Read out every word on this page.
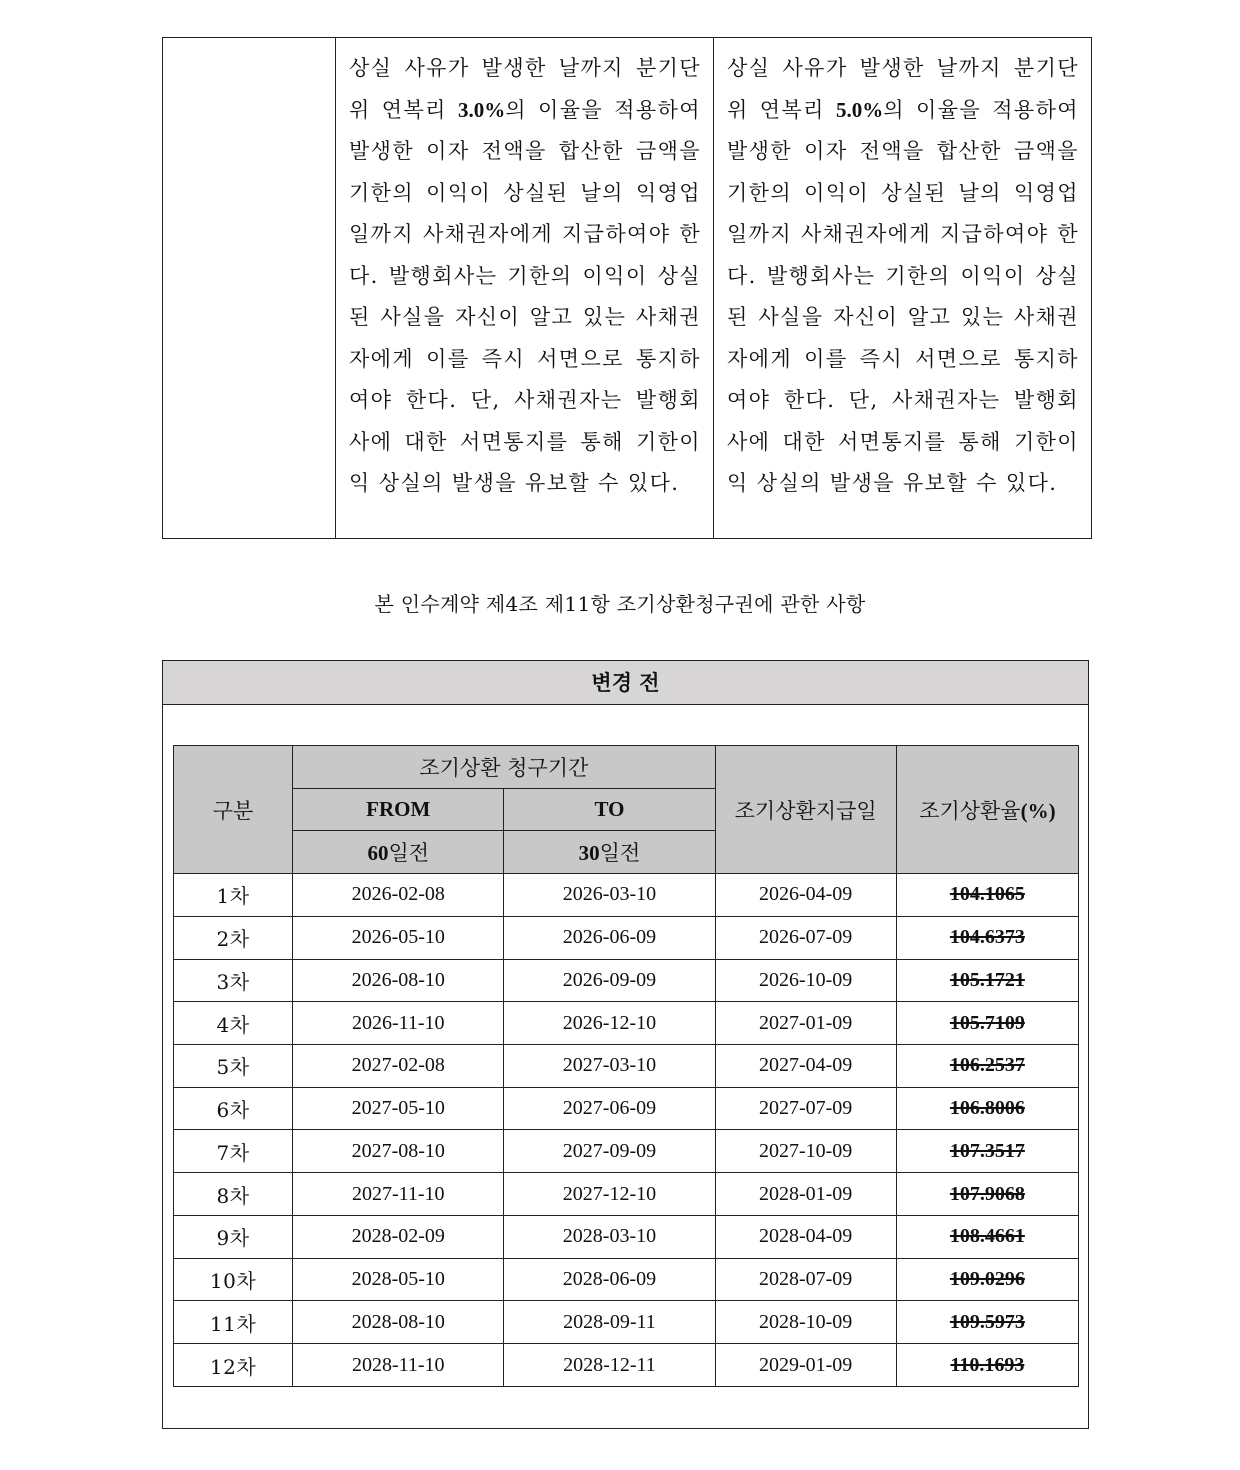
상실 사유가 발생한 날까지 분기단위 연복리 3.0%의 이율을 적용하여 발생한 이자 전액을 합산한 금액을 기한의 이익이 상실된 날의 익영업일까지 사채권자에게 지급하여야 한다. 발행회사는 기한의 이익이 상실된 사실을 자신이 알고 있는 사채권자에게 이를 즉시 서면으로 통지하여야 한다. 단, 사채권자는 발행회사에 대한 서면통지를 통해 기한이익 상실의 발생을 유보할 수 있다.

상실 사유가 발생한 날까지 분기단위 연복리 5.0%의 이율을 적용하여 발생한 이자 전액을 합산한 금액을 기한의 이익이 상실된 날의 익영업일까지 사채권자에게 지급하여야 한다. 발행회사는 기한의 이익이 상실된 사실을 자신이 알고 있는 사채권자에게 이를 즉시 서면으로 통지하여야 한다. 단, 사채권자는 발행회사에 대한 서면통지를 통해 기한이익 상실의 발생을 유보할 수 있다.

본 인수계약 제4조 제11항 조기상환청구권에 관한 사항
변경 전
구분	조기상환 청구기간		조기상환지급일	조기상환율(%)
	FROM	TO		
	60일전	30일전		
1차	2026-02-08	2026-03-10	2026-04-09	104.1065
2차	2026-05-10	2026-06-09	2026-07-09	104.6373
3차	2026-08-10	2026-09-09	2026-10-09	105.1721
4차	2026-11-10	2026-12-10	2027-01-09	105.7109
5차	2027-02-08	2027-03-10	2027-04-09	106.2537
6차	2027-05-10	2027-06-09	2027-07-09	106.8006
7차	2027-08-10	2027-09-09	2027-10-09	107.3517
8차	2027-11-10	2027-12-10	2028-01-09	107.9068
9차	2028-02-09	2028-03-10	2028-04-09	108.4661
10차	2028-05-10	2028-06-09	2028-07-09	109.0296
11차	2028-08-10	2028-09-11	2028-10-09	109.5973
12차	2028-11-10	2028-12-11	2029-01-09	110.1693
